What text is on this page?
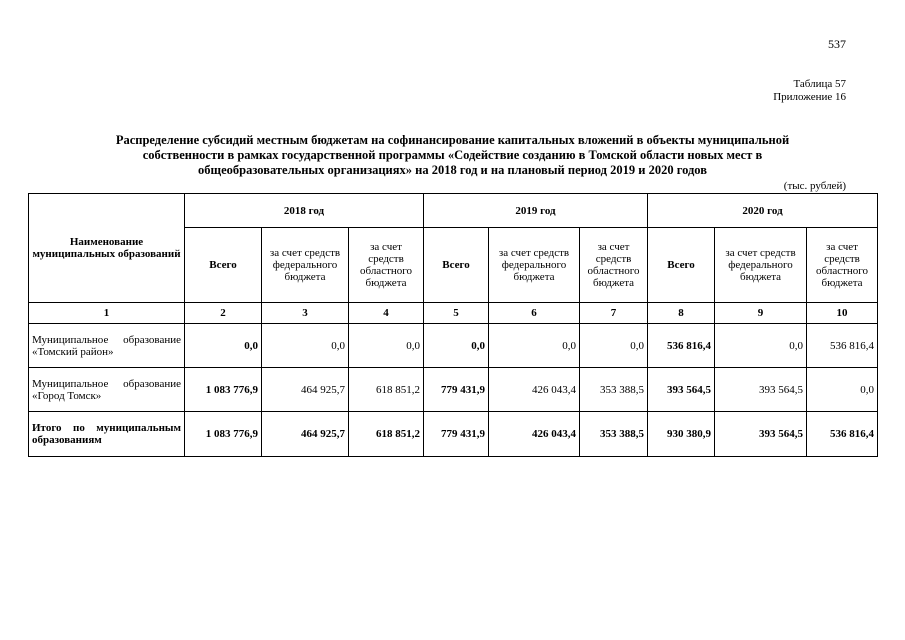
537
Таблица 57
Приложение 16
Распределение субсидий местным бюджетам на софинансирование капитальных вложений в объекты муниципальной
собственности в рамках государственной программы «Содействие созданию в Томской области новых мест в
общеобразовательных организациях» на 2018 год и на плановый период 2019 и 2020 годов
(тыс. рублей)
Наименование муниципальных образований	2018 год			2019 год			2020 год		
	Всего	за счет средств федерального бюджета	за счет средств областного бюджета	Всего	за счет средств федерального бюджета	за счет средств областного бюджета	Всего	за счет средств федерального бюджета	за счет средств областного бюджета
1	2	3	4	5	6	7	8	9	10
Муниципальное образование «Томский район»	0,0	0,0	0,0	0,0	0,0	0,0	536 816,4	0,0	536 816,4
Муниципальное образование «Город Томск»	1 083 776,9	464 925,7	618 851,2	779 431,9	426 043,4	353 388,5	393 564,5	393 564,5	0,0
Итого по муниципальным образованиям	1 083 776,9	464 925,7	618 851,2	779 431,9	426 043,4	353 388,5	930 380,9	393 564,5	536 816,4
